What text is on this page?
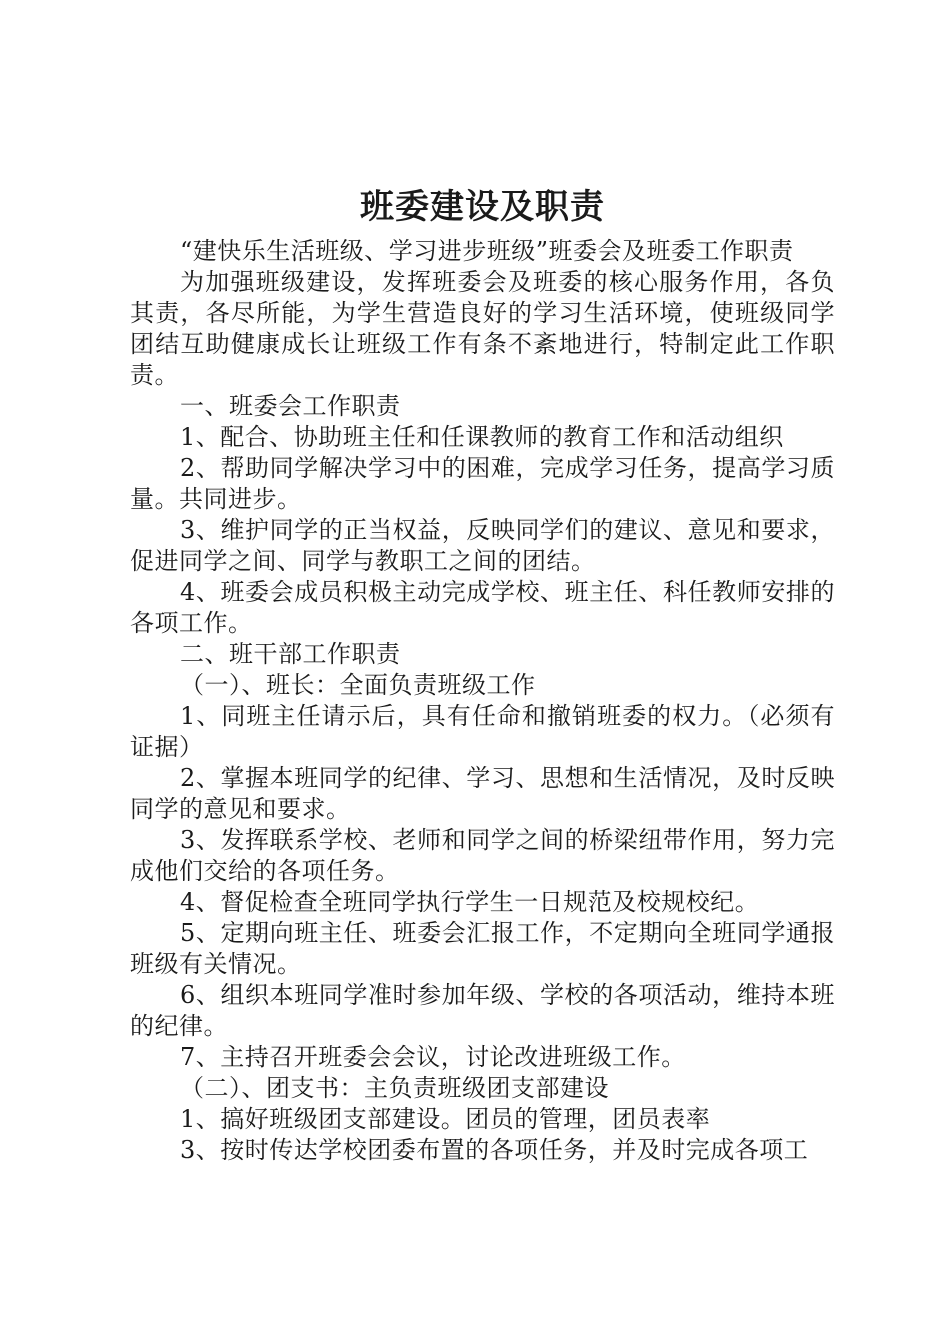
班委建设及职责

“建快乐生活班级、学习进步班级”班委会及班委工作职责

为加强班级建设，发挥班委会及班委的核心服务作用，各负其责，各尽所能，为学生营造良好的学习生活环境，使班级同学团结互助健康成长让班级工作有条不紊地进行，特制定此工作职责。

一、班委会工作职责

1、配合、协助班主任和任课教师的教育工作和活动组织

2、帮助同学解决学习中的困难，完成学习任务，提高学习质量。共同进步。

3、维护同学的正当权益，反映同学们的建议、意见和要求，促进同学之间、同学与教职工之间的团结。

4、班委会成员积极主动完成学校、班主任、科任教师安排的各项工作。

二、班干部工作职责

（一）、班长：全面负责班级工作

1、同班主任请示后，具有任命和撤销班委的权力。（必须有证据）

2、掌握本班同学的纪律、学习、思想和生活情况，及时反映同学的意见和要求。

3、发挥联系学校、老师和同学之间的桥梁纽带作用，努力完成他们交给的各项任务。

4、督促检查全班同学执行学生一日规范及校规校纪。

5、定期向班主任、班委会汇报工作，不定期向全班同学通报班级有关情况。

6、组织本班同学准时参加年级、学校的各项活动，维持本班的纪律。

7、主持召开班委会会议，讨论改进班级工作。

（二）、团支书：主负责班级团支部建设

1、搞好班级团支部建设。团员的管理，团员表率

3、按时传达学校团委布置的各项任务，并及时完成各项工
